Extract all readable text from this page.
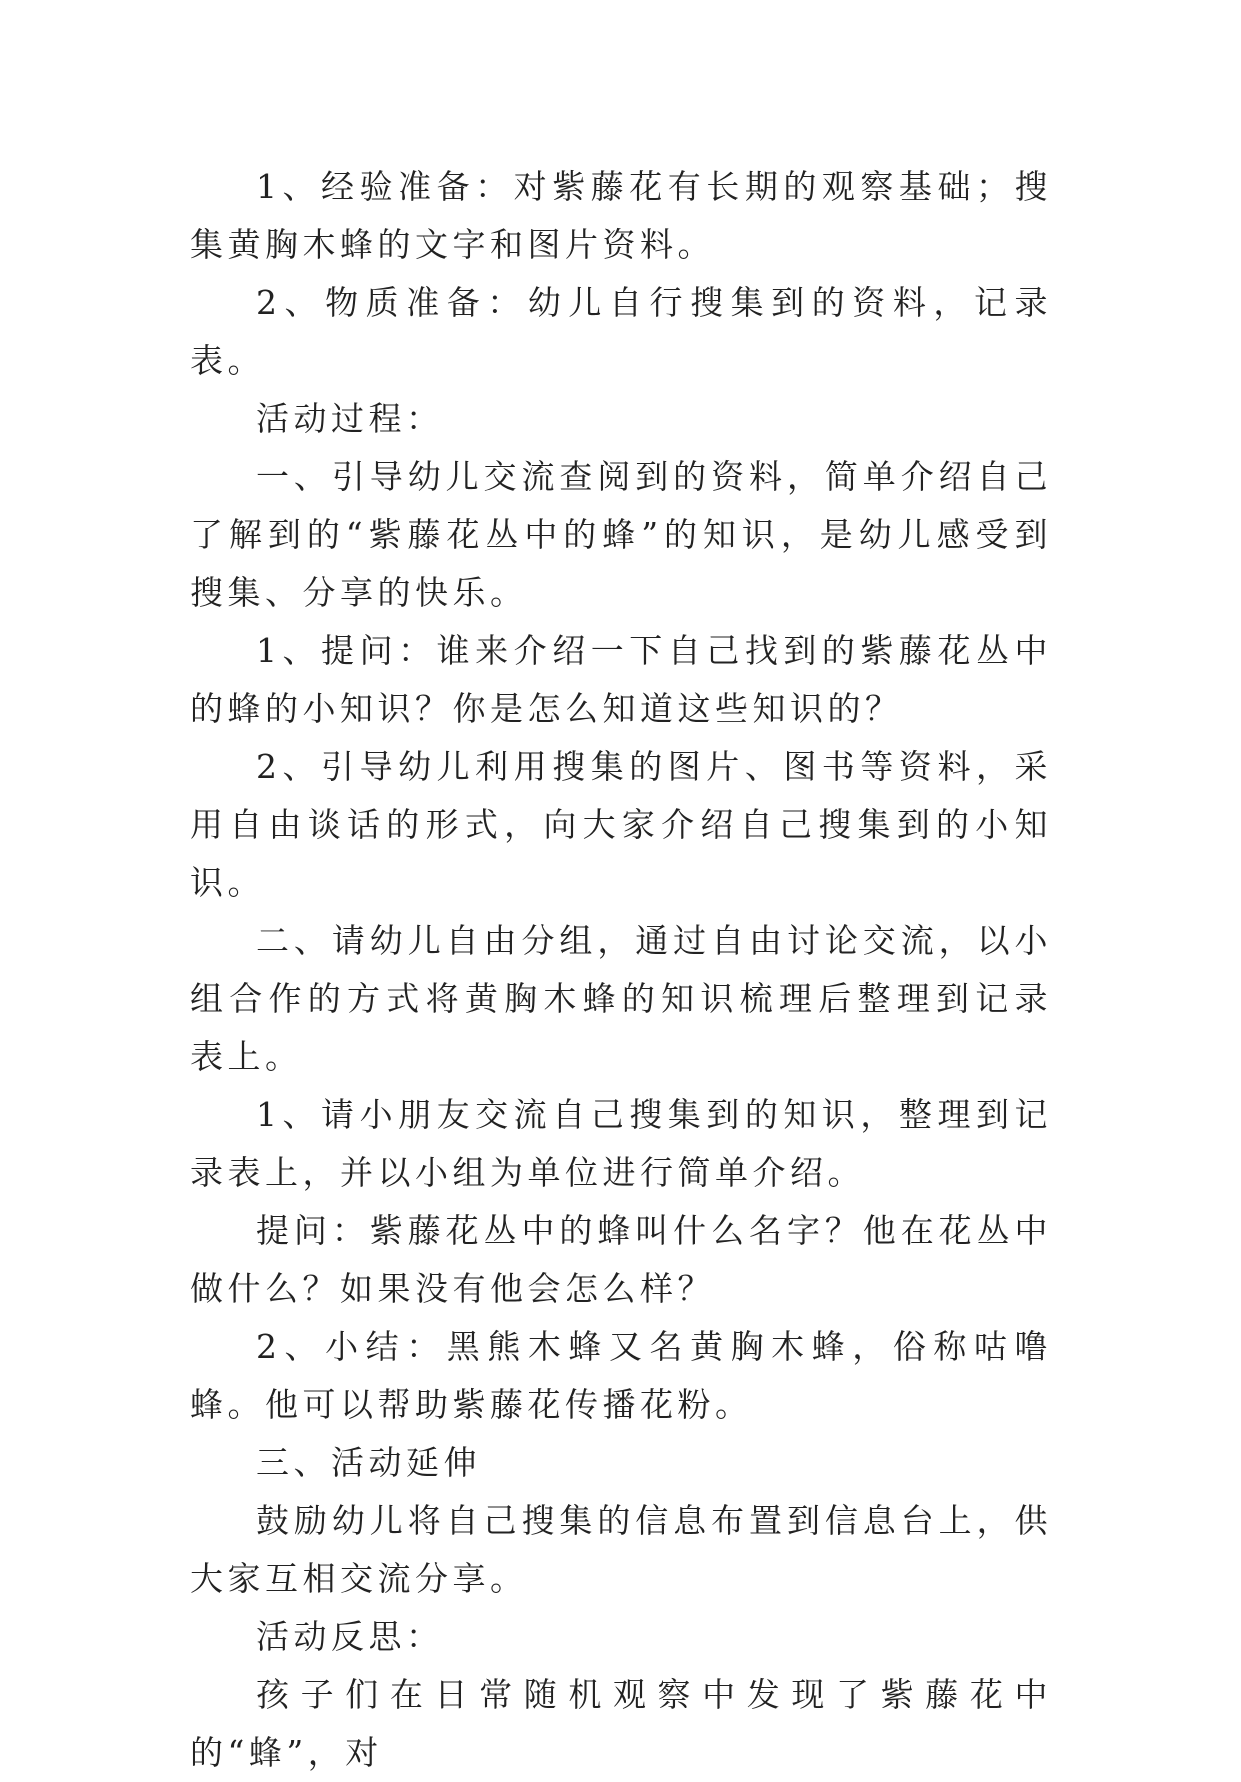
1、经验准备：对紫藤花有长期的观察基础；搜集黄胸木蜂的文字和图片资料。

2、物质准备：幼儿自行搜集到的资料，记录表。

活动过程：

一、引导幼儿交流查阅到的资料，简单介绍自己了解到的“紫藤花丛中的蜂”的知识，是幼儿感受到搜集、分享的快乐。

1、提问：谁来介绍一下自己找到的紫藤花丛中的蜂的小知识？你是怎么知道这些知识的？

2、引导幼儿利用搜集的图片、图书等资料，采用自由谈话的形式，向大家介绍自己搜集到的小知识。

二、请幼儿自由分组，通过自由讨论交流，以小组合作的方式将黄胸木蜂的知识梳理后整理到记录表上。

1、请小朋友交流自己搜集到的知识，整理到记录表上，并以小组为单位进行简单介绍。

提问：紫藤花丛中的蜂叫什么名字？他在花丛中做什么？如果没有他会怎么样？

2、小结：黑熊木蜂又名黄胸木蜂，俗称咕噜蜂。他可以帮助紫藤花传播花粉。

三、活动延伸

鼓励幼儿将自己搜集的信息布置到信息台上，供大家互相交流分享。

活动反思：

孩子们在日常随机观察中发现了紫藤花中的“蜂”，对
